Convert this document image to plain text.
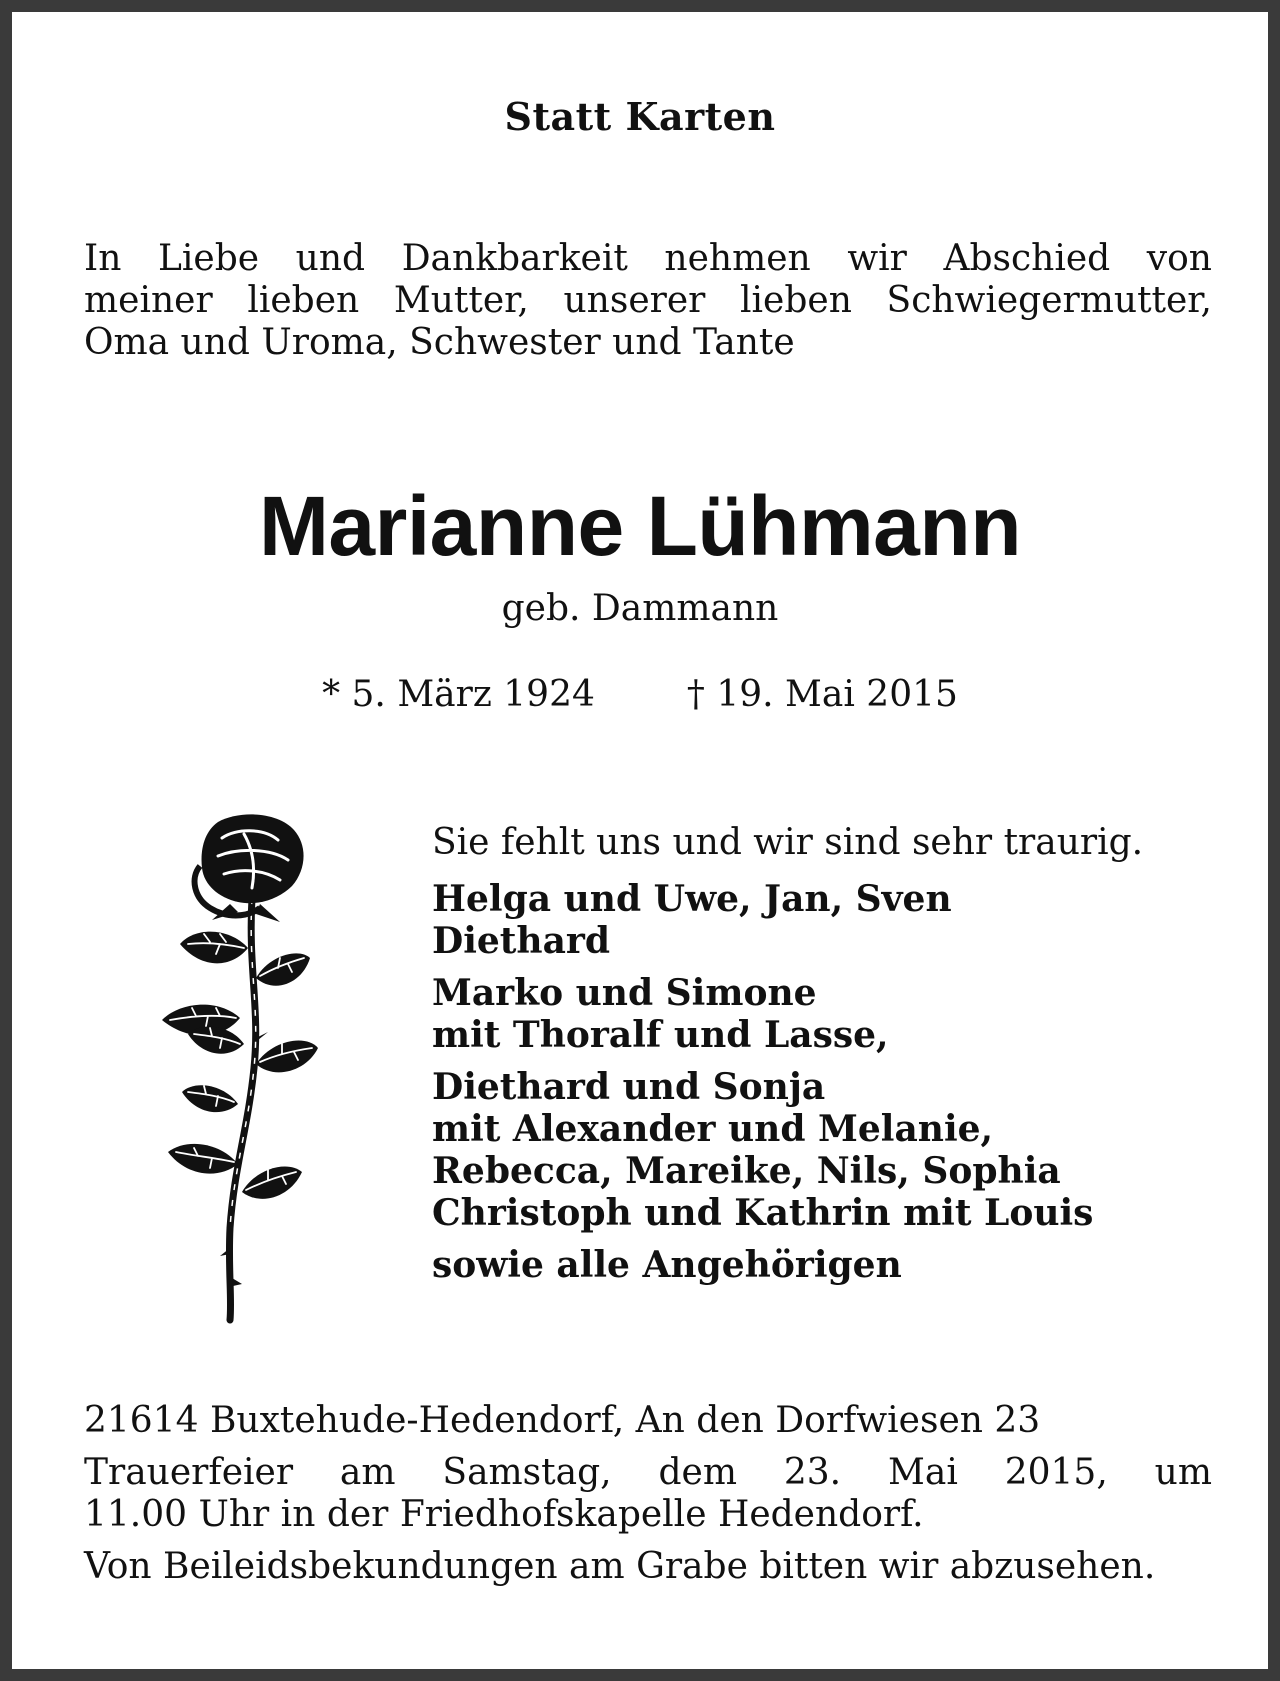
Statt Karten
In Liebe und Dankbarkeit nehmen wir Abschied von
meiner lieben Mutter, unserer lieben Schwiegermutter,
Oma und Uroma, Schwester und Tante
Marianne Lühmann
geb. Dammann
* 5. März 1924	† 19. Mai 2015
Sie fehlt uns und wir sind sehr traurig.
Helga und Uwe, Jan, Sven
Diethard
Marko und Simone
mit Thoralf und Lasse,
Diethard und Sonja
mit Alexander und Melanie,
Rebecca, Mareike, Nils, Sophia
Christoph und Kathrin mit Louis
sowie alle Angehörigen
21614 Buxtehude-Hedendorf, An den Dorfwiesen 23
Trauerfeier am Samstag, dem 23. Mai 2015, um
11.00 Uhr in der Friedhofskapelle Hedendorf.
Von Beileidsbekundungen am Grabe bitten wir abzusehen.
